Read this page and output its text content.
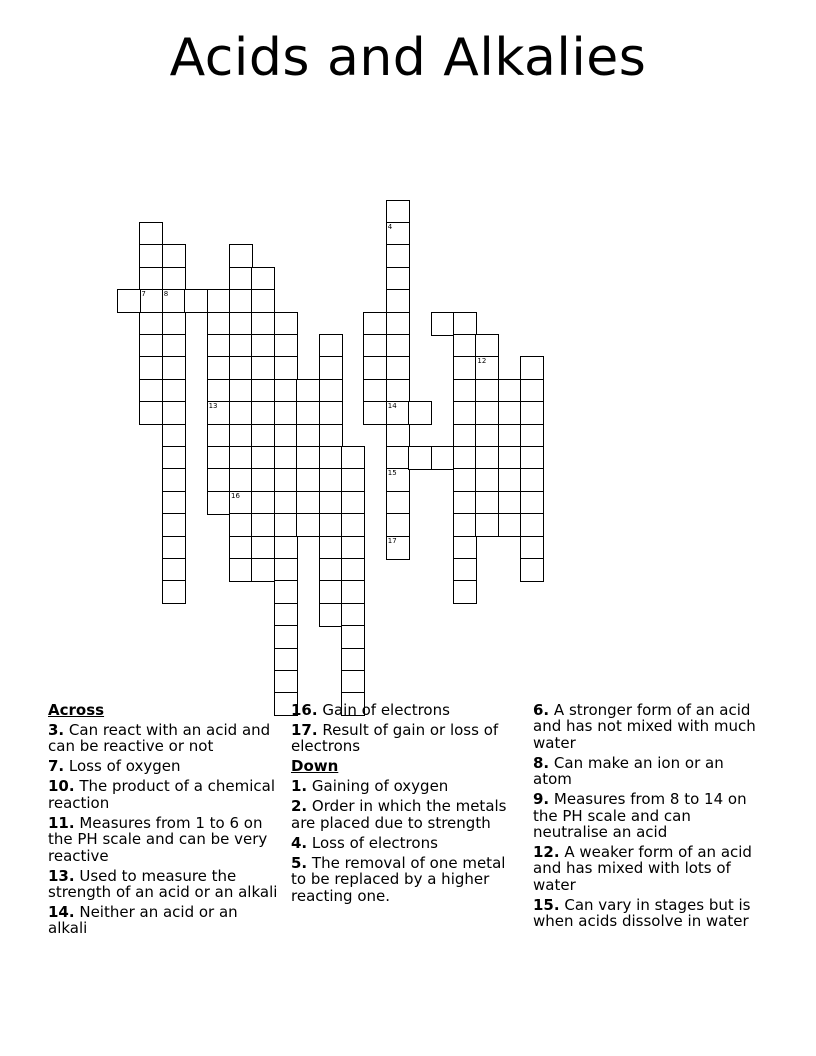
Acids and Alkalies
7	8
13
16
4
14
15
17
12
Across
3. Can react with an acid and can be reactive or not
7. Loss of oxygen
10. The product of a chemical reaction
11. Measures from 1 to 6 on the PH scale and can be very reactive
13. Used to measure the strength of an acid or an alkali
14. Neither an acid or an alkali
16. Gain of electrons
17. Result of gain or loss of electrons
Down
1. Gaining of oxygen
2. Order in which the metals are placed due to strength
4. Loss of electrons
5. The removal of one metal to be replaced by a higher reacting one.
6. A stronger form of an acid and has not mixed with much water
8. Can make an ion or an atom
9. Measures from 8 to 14 on the PH scale and can neutralise an acid
12. A weaker form of an acid and has mixed with lots of water
15. Can vary in stages but is when acids dissolve in water
